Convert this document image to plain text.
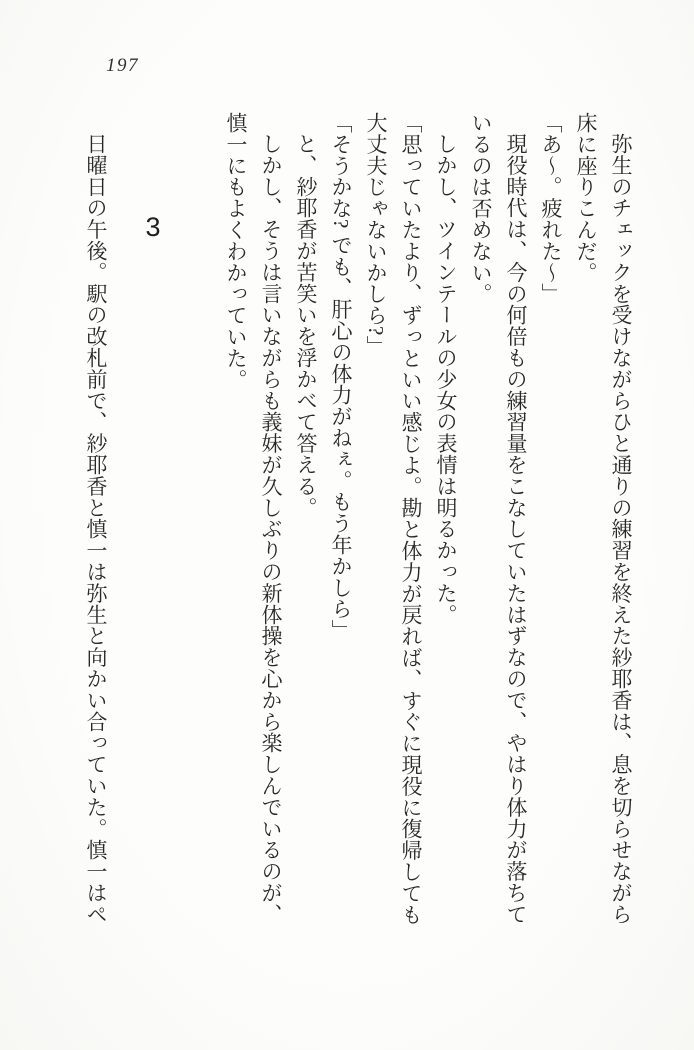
197

弥生のチェックを受けながらひと通りの練習を終えた紗耶香は、息を切らせながら

床に座りこんだ。

「あ〜。疲れた〜」

現役時代は、今の何倍もの練習量をこなしていたはずなので、やはり体力が落ちて

いるのは否めない。

しかし、ツインテールの少女の表情は明るかった。

「思っていたより、ずっといい感じよ。勘と体力が戻れば、すぐに現役に復帰しても

大丈夫じゃないかしら?」

「そうかな? でも、肝心の体力がねぇ。もう年かしら」

と、紗耶香が苦笑いを浮かべて答える。

しかし、そうは言いながらも義妹が久しぶりの新体操を心から楽しんでいるのが、

慎一にもよくわかっていた。

3

日曜日の午後。駅の改札前で、紗耶香と慎一は弥生と向かい合っていた。慎一はペ
